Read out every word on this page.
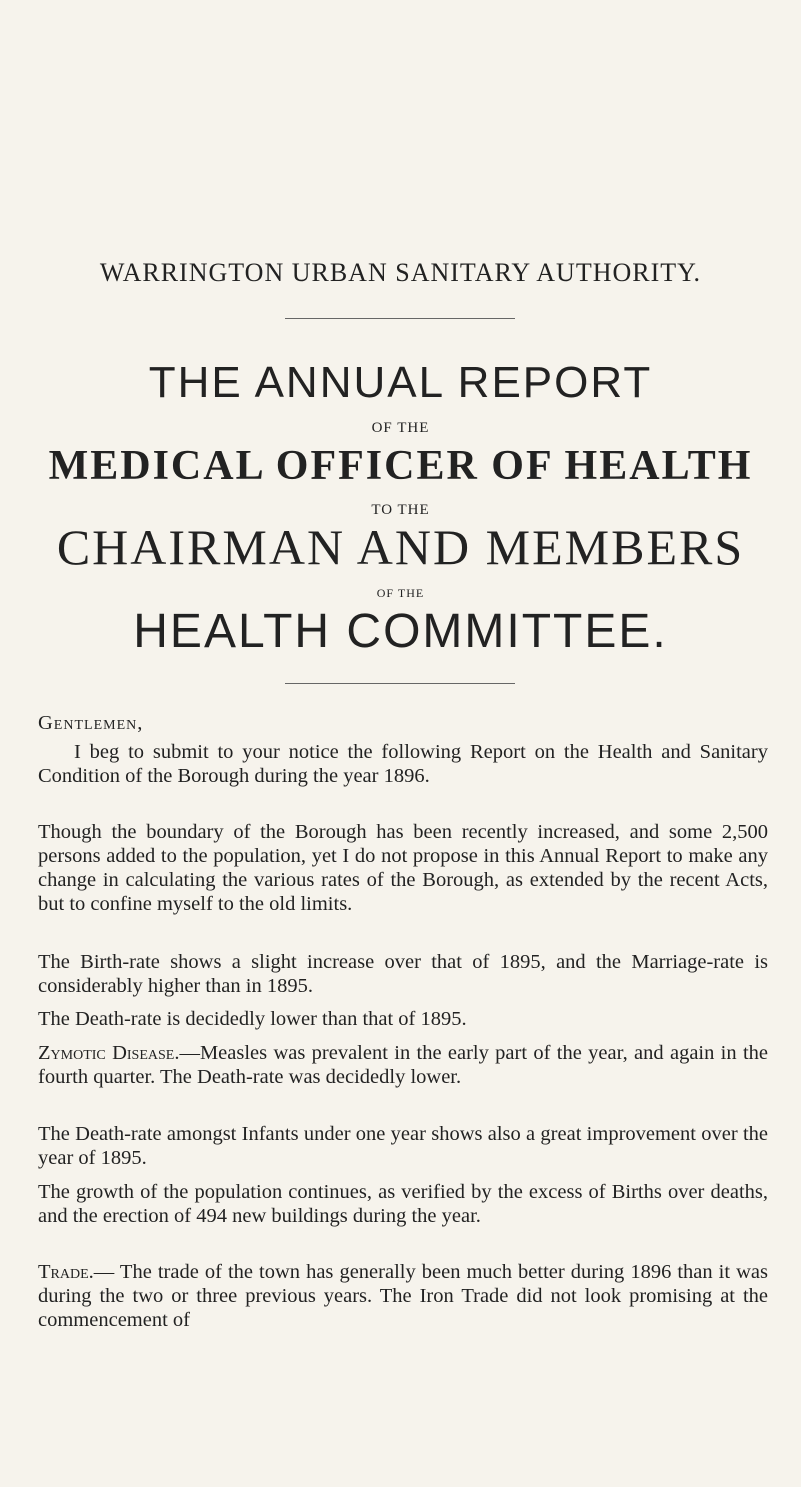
WARRINGTON URBAN SANITARY AUTHORITY.
THE ANNUAL REPORT
OF THE
MEDICAL OFFICER OF HEALTH
TO THE
CHAIRMAN AND MEMBERS
OF THE
HEALTH COMMITTEE.
Gentlemen,

I beg to submit to your notice the following Report on the Health and Sanitary Condition of the Borough during the year 1896.

Though the boundary of the Borough has been recently increased, and some 2,500 persons added to the population, yet I do not propose in this Annual Report to make any change in calculating the various rates of the Borough, as extended by the recent Acts, but to confine myself to the old limits.

The Birth-rate shows a slight increase over that of 1895, and the Marriage-rate is considerably higher than in 1895.

The Death-rate is decidedly lower than that of 1895.

Zymotic Disease.—Measles was prevalent in the early part of the year, and again in the fourth quarter. The Death-rate was decidedly lower.

The Death-rate amongst Infants under one year shows also a great improvement over the year of 1895.

The growth of the population continues, as verified by the excess of Births over deaths, and the erection of 494 new buildings during the year.

Trade.— The trade of the town has generally been much better during 1896 than it was during the two or three previous years. The Iron Trade did not look promising at the commencement of
